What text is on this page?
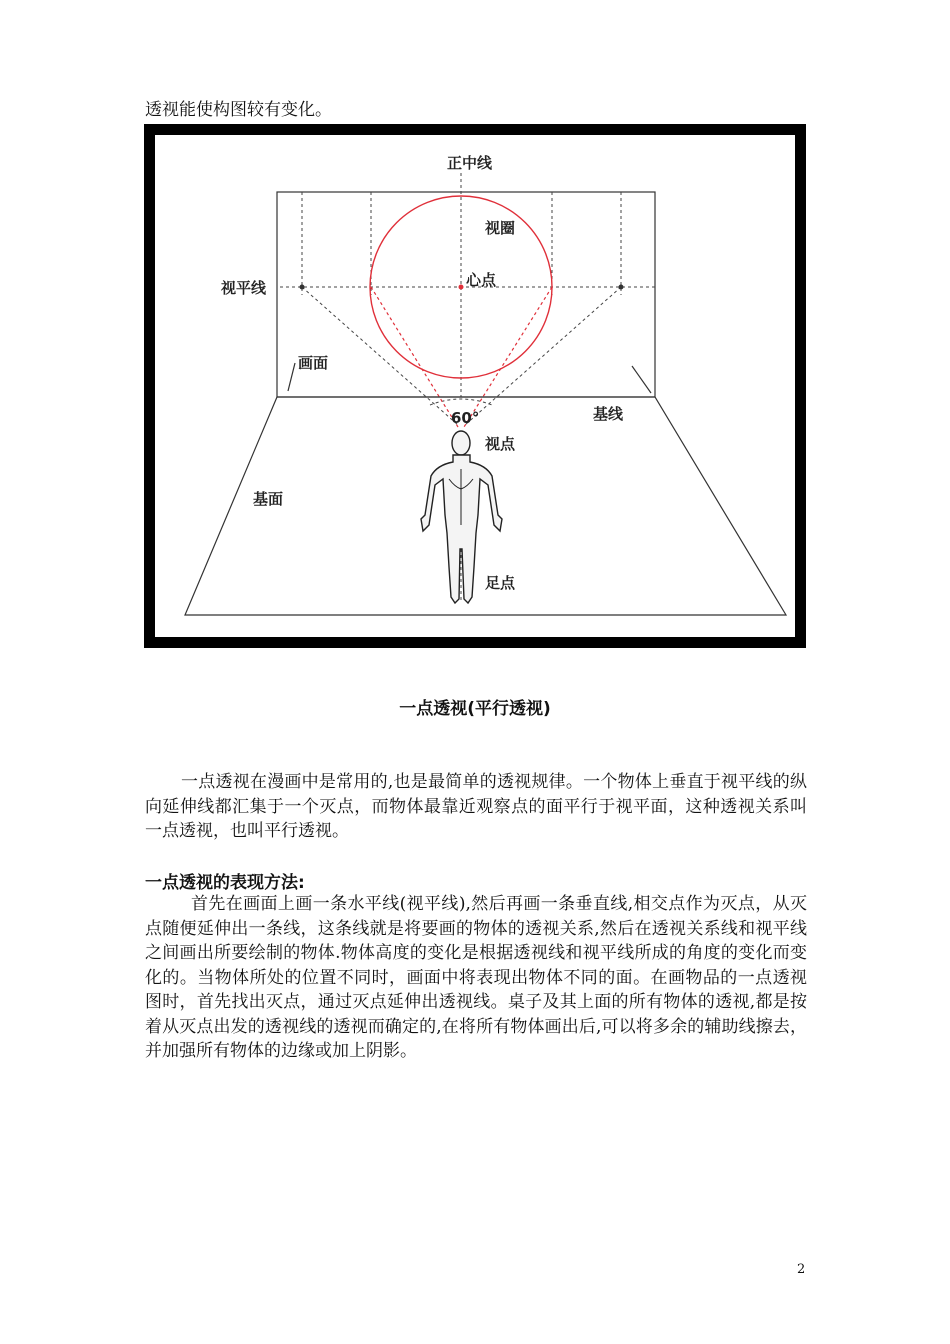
透视能使构图较有变化。
正中线
视圈
视平线	心点
画面
基线
60°
视点
基面
足点
一点透视(平行透视)

一点透视在漫画中是常用的,也是最简单的透视规律。一个物体上垂直于视平线的纵向延伸线都汇集于一个灭点，而物体最靠近观察点的面平行于视平面，这种透视关系叫一点透视，也叫平行透视。

一点透视的表现方法:

首先在画面上画一条水平线(视平线),然后再画一条垂直线,相交点作为灭点，从灭点随便延伸出一条线，这条线就是将要画的物体的透视关系,然后在透视关系线和视平线之间画出所要绘制的物体.物体高度的变化是根据透视线和视平线所成的角度的变化而变化的。当物体所处的位置不同时，画面中将表现出物体不同的面。在画物品的一点透视图时，首先找出灭点，通过灭点延伸出透视线。桌子及其上面的所有物体的透视,都是按着从灭点出发的透视线的透视而确定的,在将所有物体画出后,可以将多余的辅助线擦去，并加强所有物体的边缘或加上阴影。

2
